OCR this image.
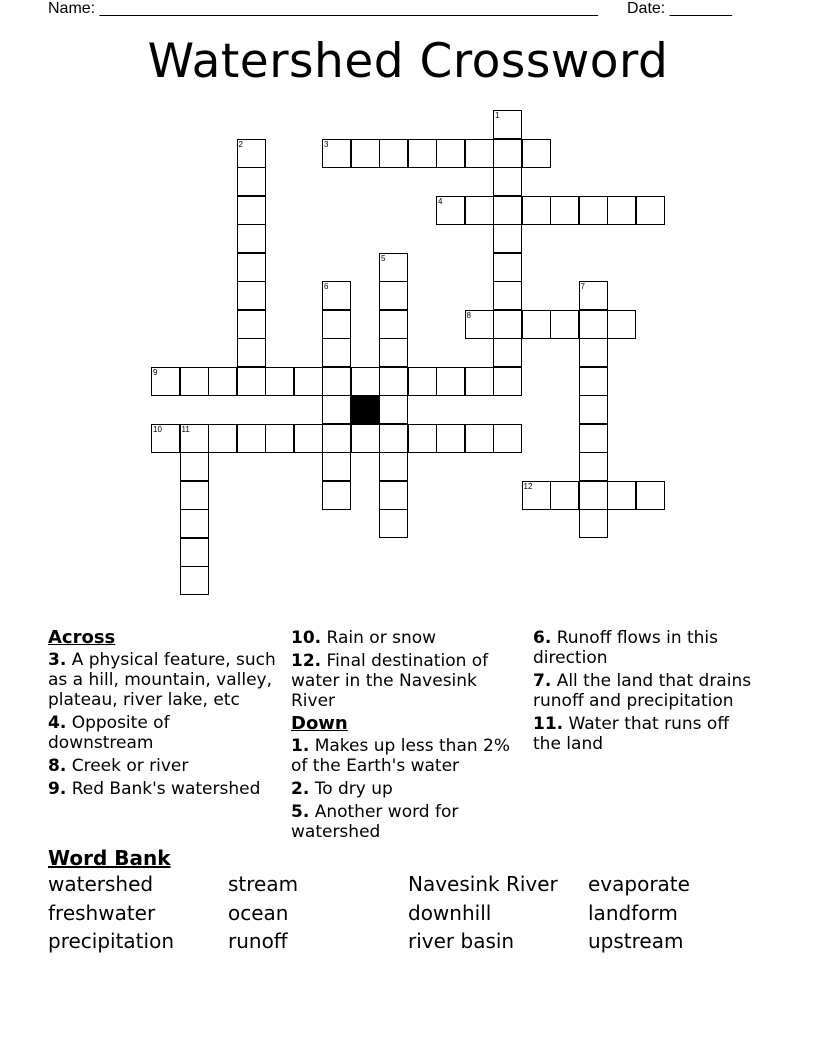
Name: ________________________________________________________ Date: _______
Watershed Crossword
1
2	3
4
5
6	7
8
9
10 11
12

Across

3. A physical feature, such as a hill, mountain, valley, plateau, river lake, etc

4. Opposite of downstream

8. Creek or river

9. Red Bank's watershed

10. Rain or snow

12. Final destination of water in the Navesink River

Down

1. Makes up less than 2% of the Earth's water

2. To dry up

5. Another word for watershed

6. Runoff flows in this direction

7. All the land that drains runoff and precipitation

11. Water that runs off the land

Word Bank
watershed	stream	Navesink River	evaporate
freshwater	ocean	downhill	landform
precipitation	runoff	river basin	upstream
